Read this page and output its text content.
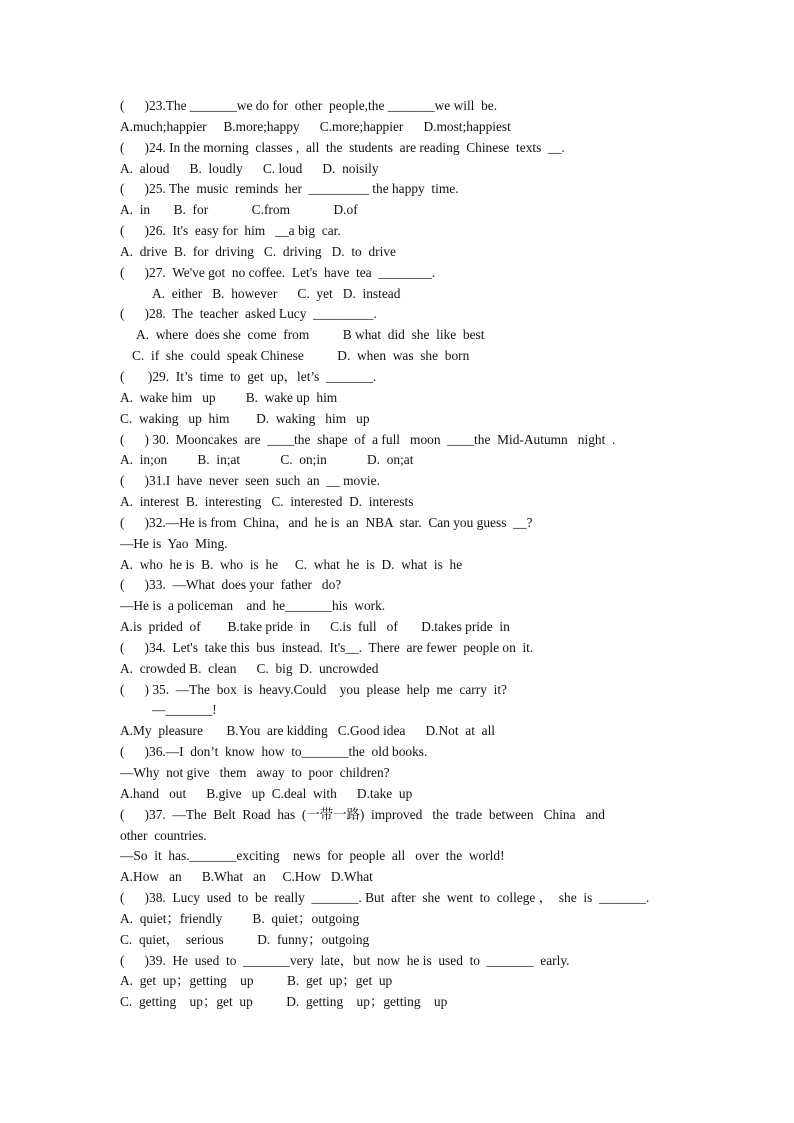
(      )23.The _______we do for  other  people,the _______we will  be.
A.much;happier     B.more;happy      C.more;happier      D.most;happiest
(      )24. In the morning  classes ,  all  the  students  are reading  Chinese  texts  __.
A.  aloud      B.  loudly      C. loud      D.  noisily
(      )25. The  music  reminds  her  _________ the happy  time.
A.  in       B.  for             C.from             D.of
(      )26.  It's  easy for  him   __a big  car.
A.  drive  B.  for  driving   C.  driving   D.  to  drive
(      )27.  We've got  no coffee.  Let's  have  tea  ________.
A.  either   B.  however      C.  yet   D.  instead
(      )28.  The  teacher  asked Lucy  _________.
A.  where  does she  come  from          B what  did  she  like  best
C.  if  she  could  speak Chinese          D.  when  was  she  born
(       )29.  It’s  time  to  get  up，let’s  _______.
A.  wake him   up         B.  wake up  him
C.  waking   up  him        D.  waking   him   up
(      ) 30.  Mooncakes  are  ____the  shape  of  a full   moon  ____the  Mid-Autumn   night  .
A.  in;on         B.  in;at            C.  on;in            D.  on;at
(      )31.I  have  never  seen  such  an  __ movie.
A.  interest  B.  interesting   C.  interested  D.  interests
(      )32.—He is from  China，and  he is  an  NBA  star.  Can you guess  __?
—He is  Yao  Ming.
A.  who  he is  B.  who  is  he     C.  what  he  is  D.  what  is  he
(      )33.  —What  does your  father   do?
—He is  a policeman    and  he_______his  work.
A.is  prided  of        B.take pride  in      C.is  full   of       D.takes pride  in
(      )34.  Let's  take this  bus  instead.  It's__.  There  are fewer  people on  it.
A.  crowded B.  clean      C.  big  D.  uncrowded
(      ) 35.  —The  box  is  heavy.Could    you  please  help  me  carry  it?
—_______!
A.My  pleasure       B.You  are kidding   C.Good idea      D.Not  at  all
(      )36.—I  don’t  know  how  to_______the  old books.
—Why  not give   them   away  to  poor  children?
A.hand   out      B.give   up  C.deal  with      D.take  up
(      )37.  —The  Belt  Road  has  (一带一路)  improved   the  trade  between   China   and
other  countries.
—So  it  has._______exciting    news  for  people  all   over  the  world!
A.How   an      B.What   an     C.How   D.What
(      )38.  Lucy  used  to  be  really  _______. But  after  she  went  to  college ，  she  is  _______.
A.  quiet；friendly         B.  quiet；outgoing
C.  quiet，  serious          D.  funny；outgoing
(      )39.  He  used  to  _______very  late，but  now  he is  used  to  _______  early.
A.  get  up；getting    up          B.  get  up；get  up
C.  getting    up；get  up          D.  getting    up；getting    up
